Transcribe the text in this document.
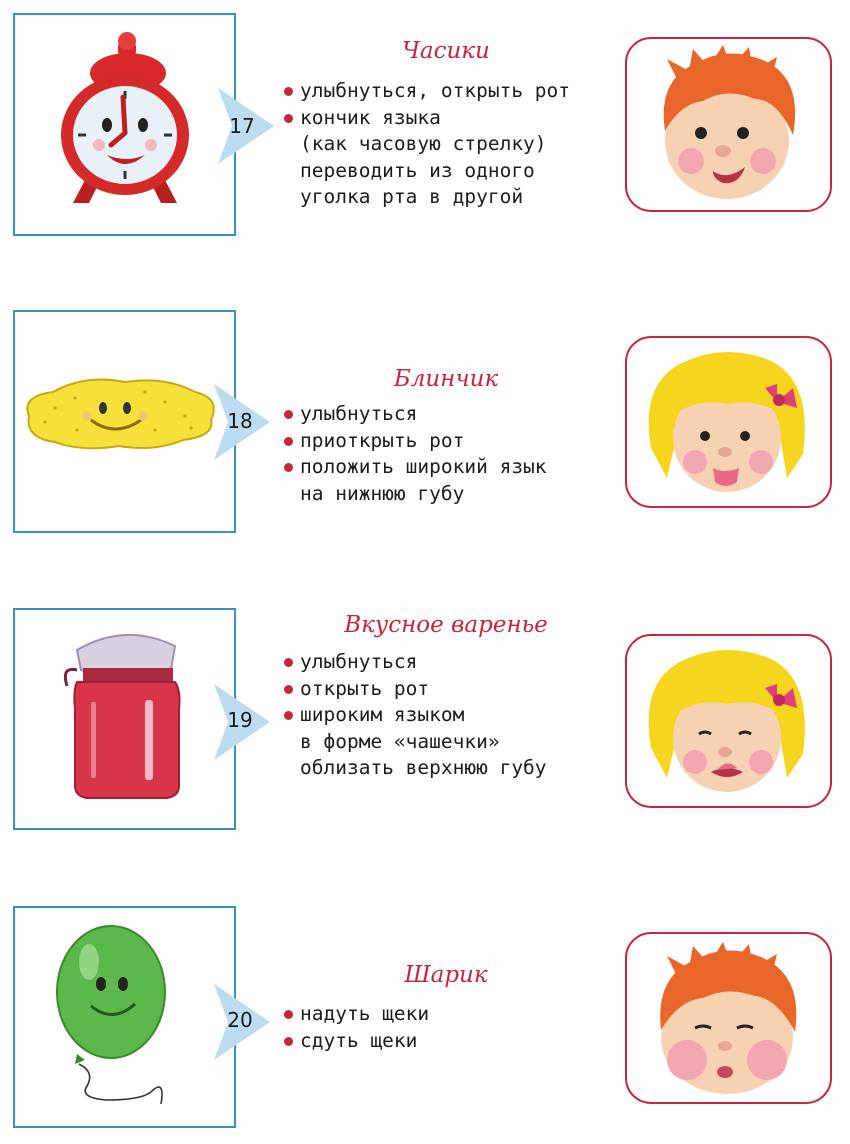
17
Часики
улыбнуться, открыть рот
кончик языка
(как часовую стрелку)
переводить из одного
уголка рта в другой
18
Блинчик
улыбнуться
приоткрыть рот
положить широкий язык
на нижнюю губу
19
Вкусное варенье
улыбнуться
открыть рот
широким языком
в форме «чашечки»
облизать верхнюю губу
20
Шарик
надуть щеки
сдуть щеки
